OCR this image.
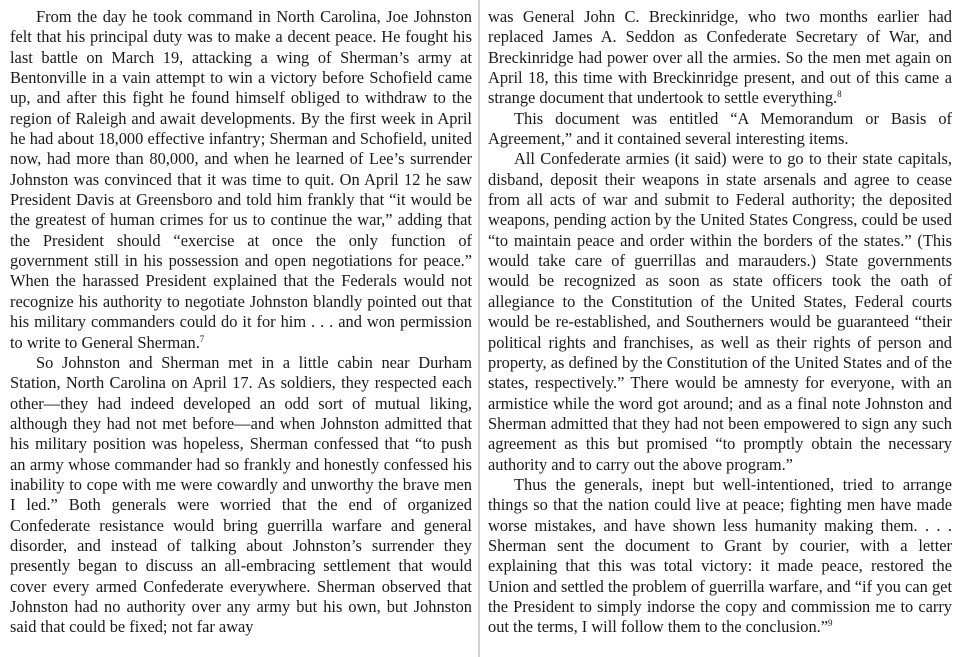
From the day he took command in North Carolina, Joe Johnston felt that his principal duty was to make a decent peace. He fought his last battle on March 19, attacking a wing of Sherman’s army at Bentonville in a vain attempt to win a victory before Schofield came up, and after this fight he found himself obliged to withdraw to the region of Raleigh and await developments. By the first week in April he had about 18,000 effective infantry; Sherman and Schofield, united now, had more than 80,000, and when he learned of Lee’s surrender Johnston was convinced that it was time to quit. On April 12 he saw President Davis at Greensboro and told him frankly that “it would be the greatest of human crimes for us to continue the war,” adding that the President should “exercise at once the only function of government still in his possession and open negotiations for peace.” When the harassed President explained that the Federals would not recognize his authority to negotiate Johnston blandly pointed out that his military commanders could do it for him . . . and won permission to write to General Sherman.$^7$

So Johnston and Sherman met in a little cabin near Durham Station, North Carolina on April 17. As soldiers, they respected each other—they had indeed developed an odd sort of mutual liking, although they had not met before—and when Johnston admitted that his military position was hopeless, Sherman confessed that “to push an army whose commander had so frankly and honestly confessed his inability to cope with me were cowardly and unworthy the brave men I led.” Both generals were worried that the end of organized Confederate resistance would bring guerrilla warfare and general disorder, and instead of talking about Johnston’s surrender they presently began to discuss an all-embracing settlement that would cover every armed Confederate everywhere. Sherman observed that Johnston had no authority over any army but his own, but Johnston said that could be fixed; not far away

was General John C. Breckinridge, who two months earlier had replaced James A. Seddon as Confederate Secretary of War, and Breckinridge had power over all the armies. So the men met again on April 18, this time with Breckinridge present, and out of this came a strange document that undertook to settle everything.$^8$

This document was entitled “A Memorandum or Basis of Agreement,” and it contained several interesting items.

All Confederate armies (it said) were to go to their state capitals, disband, deposit their weapons in state arsenals and agree to cease from all acts of war and submit to Federal authority; the deposited weapons, pending action by the United States Congress, could be used “to maintain peace and order within the borders of the states.” (This would take care of guerrillas and marauders.) State governments would be recognized as soon as state officers took the oath of allegiance to the Constitution of the United States, Federal courts would be re-established, and Southerners would be guaranteed “their political rights and franchises, as well as their rights of person and property, as defined by the Constitution of the United States and of the states, respectively.” There would be amnesty for everyone, with an armistice while the word got around; and as a final note Johnston and Sherman admitted that they had not been empowered to sign any such agreement as this but promised “to promptly obtain the necessary authority and to carry out the above program.”

Thus the generals, inept but well-intentioned, tried to arrange things so that the nation could live at peace; fighting men have made worse mistakes, and have shown less humanity making them. . . . Sherman sent the document to Grant by courier, with a letter explaining that this was total victory: it made peace, restored the Union and settled the problem of guerrilla warfare, and “if you can get the President to simply indorse the copy and commission me to carry out the terms, I will follow them to the conclusion.”$^9$
